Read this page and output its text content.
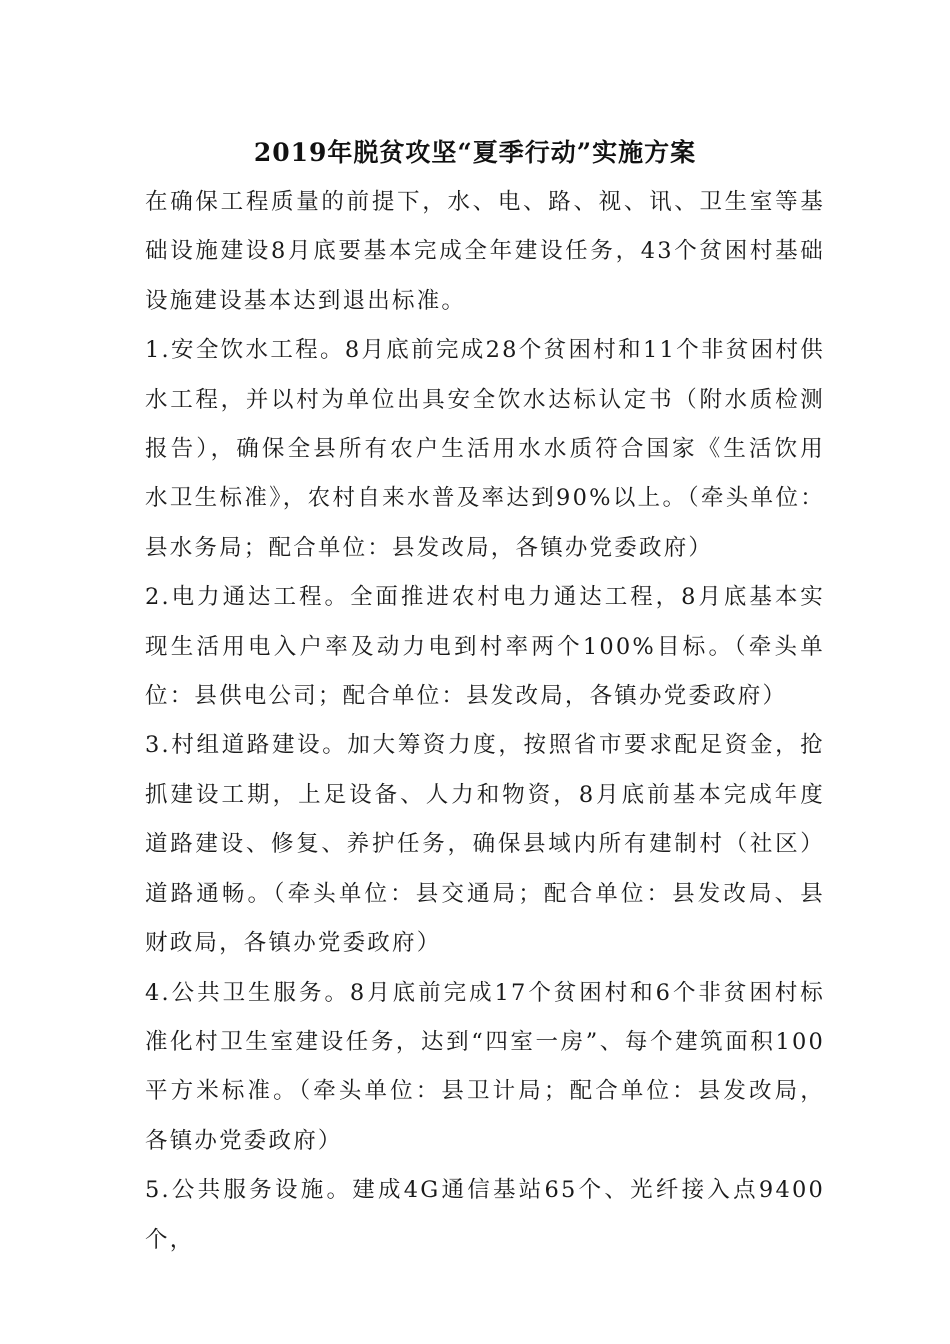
2019年脱贫攻坚“夏季行动”实施方案

在确保工程质量的前提下，水、电、路、视、讯、卫生室等基础设施建设8月底要基本完成全年建设任务，43个贫困村基础设施建设基本达到退出标准。

1.安全饮水工程。8月底前完成28个贫困村和11个非贫困村供水工程，并以村为单位出具安全饮水达标认定书（附水质检测报告），确保全县所有农户生活用水水质符合国家《生活饮用水卫生标准》，农村自来水普及率达到90%以上。（牵头单位：县水务局；配合单位：县发改局，各镇办党委政府）

2.电力通达工程。全面推进农村电力通达工程，8月底基本实现生活用电入户率及动力电到村率两个100%目标。（牵头单位：县供电公司；配合单位：县发改局，各镇办党委政府）

3.村组道路建设。加大筹资力度，按照省市要求配足资金，抢抓建设工期，上足设备、人力和物资，8月底前基本完成年度道路建设、修复、养护任务，确保县域内所有建制村（社区）道路通畅。（牵头单位：县交通局；配合单位：县发改局、县财政局，各镇办党委政府）

4.公共卫生服务。8月底前完成17个贫困村和6个非贫困村标准化村卫生室建设任务，达到“四室一房”、每个建筑面积100平方米标准。（牵头单位：县卫计局；配合单位：县发改局，各镇办党委政府）

5.公共服务设施。建成4G通信基站65个、光纤接入点9400个，
